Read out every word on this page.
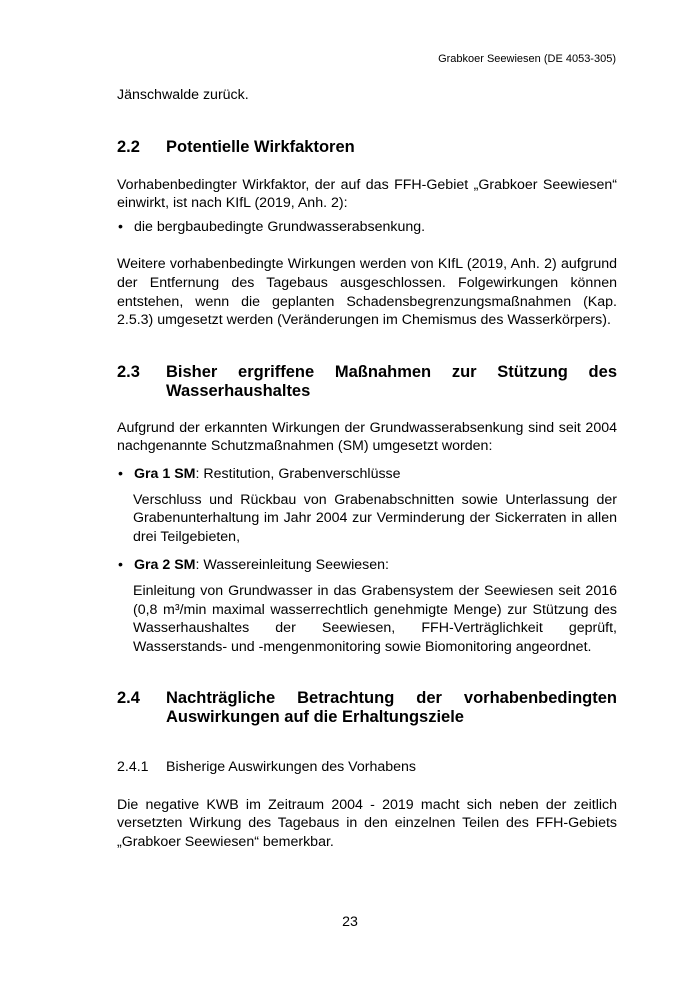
Grabkoer Seewiesen (DE 4053-305)

Jänschwalde zurück.

2.2	Potentielle Wirkfaktoren

Vorhabenbedingter Wirkfaktor, der auf das FFH-Gebiet „Grabkoer Seewiesen“ einwirkt, ist nach KIfL (2019, Anh. 2):

• die bergbaubedingte Grundwasserabsenkung.

Weitere vorhabenbedingte Wirkungen werden von KIfL (2019, Anh. 2) aufgrund der Entfernung des Tagebaus ausgeschlossen. Folgewirkungen können entstehen, wenn die geplanten Schadensbegrenzungsmaßnahmen (Kap. 2.5.3) umgesetzt werden (Veränderungen im Chemismus des Wasserkörpers).

2.3	Bisher ergriffene Maßnahmen zur Stützung des Wasserhaushaltes

Aufgrund der erkannten Wirkungen der Grundwasserabsenkung sind seit 2004 nachgenannte Schutzmaßnahmen (SM) umgesetzt worden:

• Gra 1 SM: Restitution, Grabenverschlüsse

Verschluss und Rückbau von Grabenabschnitten sowie Unterlassung der Grabenunterhaltung im Jahr 2004 zur Verminderung der Sickerraten in allen drei Teilgebieten,

• Gra 2 SM: Wassereinleitung Seewiesen:

Einleitung von Grundwasser in das Grabensystem der Seewiesen seit 2016 (0,8 m³/min maximal wasserrechtlich genehmigte Menge) zur Stützung des Wasserhaushaltes der Seewiesen, FFH-Verträglichkeit geprüft, Wasserstands- und -mengenmonitoring sowie Biomonitoring angeordnet.

2.4	Nachträgliche Betrachtung der vorhabenbedingten Auswirkungen auf die Erhaltungsziele
2.4.1	Bisherige Auswirkungen des Vorhabens

Die negative KWB im Zeitraum 2004 - 2019 macht sich neben der zeitlich versetzten Wirkung des Tagebaus in den einzelnen Teilen des FFH-Gebiets „Grabkoer Seewiesen“ bemerkbar.

23
